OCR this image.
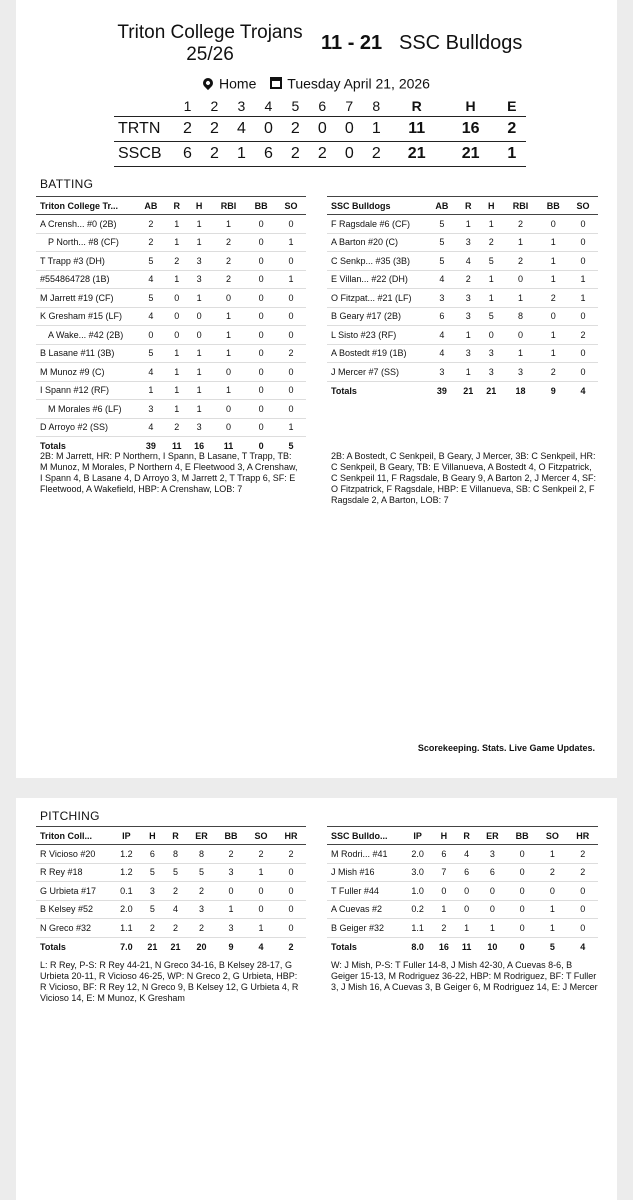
Triton College Trojans 25/26
11 - 21 SSC Bulldogs
Home Tuesday April 21, 2026
	1	2	3	4	5	6	7	8	R	H	E
TRTN	2	2	4	0	2	0	0	1	11	16	2
SSCB	6	2	1	6	2	2	0	2	21	21	1
BATTING
Triton College Tr...	AB	R	H	RBI	BB	SO
A Crensh... #0 (2B)	2	1	1	1	0	0
P North... #8 (CF)	2	1	1	2	0	1
T Trapp #3 (DH)	5	2	3	2	0	0
#554864728 (1B)	4	1	3	2	0	1
M Jarrett #19 (CF)	5	0	1	0	0	0
K Gresham #15 (LF)	4	0	0	1	0	0
A Wake... #42 (2B)	0	0	0	1	0	0
B Lasane #11 (3B)	5	1	1	1	0	2
M Munoz #9 (C)	4	1	1	0	0	0
I Spann #12 (RF)	1	1	1	1	0	0
M Morales #6 (LF)	3	1	1	0	0	0
D Arroyo #2 (SS)	4	2	3	0	0	1
Totals	39	11	16	11	0	5
SSC Bulldogs	AB	R	H	RBI	BB	SO
F Ragsdale #6 (CF)	5	1	1	2	0	0
A Barton #20 (C)	5	3	2	1	1	0
C Senkp... #35 (3B)	5	4	5	2	1	0
E Villan... #22 (DH)	4	2	1	0	1	1
O Fitzpat... #21 (LF)	3	3	1	1	2	1
B Geary #17 (2B)	6	3	5	8	0	0
L Sisto #23 (RF)	4	1	0	0	1	2
A Bostedt #19 (1B)	4	3	3	1	1	0
J Mercer #7 (SS)	3	1	3	3	2	0
Totals	39	21	21	18	9	4
2B: M Jarrett, HR: P Northern, I Spann, B Lasane, T Trapp, TB: M Munoz, M Morales, P Northern 4, E Fleetwood 3, A Crenshaw, I Spann 4, B Lasane 4, D Arroyo 3, M Jarrett 2, T Trapp 6, SF: E Fleetwood, A Wakefield, HBP: A Crenshaw, LOB: 7
2B: A Bostedt, C Senkpeil, B Geary, J Mercer, 3B: C Senkpeil, HR: C Senkpeil, B Geary, TB: E Villanueva, A Bostedt 4, O Fitzpatrick, C Senkpeil 11, F Ragsdale, B Geary 9, A Barton 2, J Mercer 4, SF: O Fitzpatrick, F Ragsdale, HBP: E Villanueva, SB: C Senkpeil 2, F Ragsdale 2, A Barton, LOB: 7
Scorekeeping. Stats. Live Game Updates.
PITCHING
Triton Coll...	IP	H	R	ER	BB	SO	HR
R Vicioso #20	1.2	6	8	8	2	2	2
R Rey #18	1.2	5	5	5	3	1	0
G Urbieta #17	0.1	3	2	2	0	0	0
B Kelsey #52	2.0	5	4	3	1	0	0
N Greco #32	1.1	2	2	2	3	1	0
Totals	7.0	21	21	20	9	4	2
SSC Bulldo...	IP	H	R	ER	BB	SO	HR
M Rodri... #41	2.0	6	4	3	0	1	2
J Mish #16	3.0	7	6	6	0	2	2
T Fuller #44	1.0	0	0	0	0	0	0
A Cuevas #2	0.2	1	0	0	0	1	0
B Geiger #32	1.1	2	1	1	0	1	0
Totals	8.0	16	11	10	0	5	4
L: R Rey, P-S: R Rey 44-21, N Greco 34-16, B Kelsey 28-17, G Urbieta 20-11, R Vicioso 46-25, WP: N Greco 2, G Urbieta, HBP: R Vicioso, BF: R Rey 12, N Greco 9, B Kelsey 12, G Urbieta 4, R Vicioso 14, E: M Munoz, K Gresham
W: J Mish, P-S: T Fuller 14-8, J Mish 42-30, A Cuevas 8-6, B Geiger 15-13, M Rodriguez 36-22, HBP: M Rodriguez, BF: T Fuller 3, J Mish 16, A Cuevas 3, B Geiger 6, M Rodriguez 14, E: J Mercer
